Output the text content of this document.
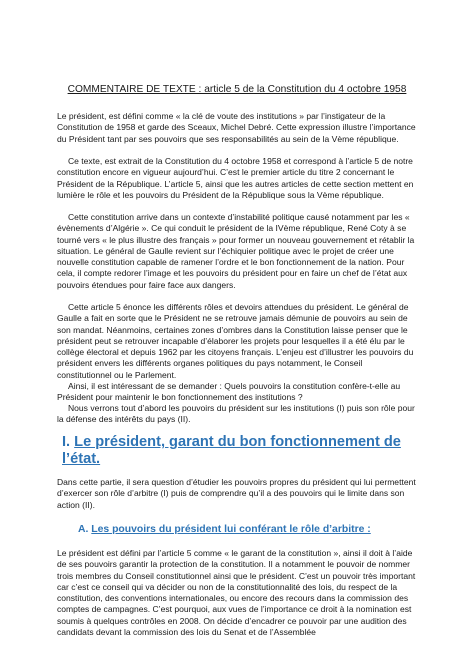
COMMENTAIRE DE TEXTE : article 5 de la Constitution du 4 octobre 1958

Le président, est défini comme « la clé de voute des institutions » par l’instigateur de la Constitution de 1958 et garde des Sceaux, Michel Debré. Cette expression illustre l’importance du Président tant par ses pouvoirs que ses responsabilités au sein de la Vème république.

Ce texte, est extrait de la Constitution du 4 octobre 1958 et correspond à l’article 5 de notre constitution encore en vigueur aujourd’hui. C’est le premier article du titre 2 concernant le Président de la République. L’article 5, ainsi que les autres articles de cette section mettent en lumière le rôle et les pouvoirs du Président de la République sous la Vème république.

Cette constitution arrive dans un contexte d’instabilité politique causé notamment par les « évènements d’Algérie ». Ce qui conduit le président de la IVème république, René Coty à se tourné vers « le plus illustre des français » pour former un nouveau gouvernement et rétablir la situation. Le général de Gaulle revient sur l’échiquier politique avec le projet de créer une nouvelle constitution capable de ramener l’ordre et le bon fonctionnement de la nation. Pour cela, il compte redorer l’image et les pouvoirs du président pour en faire un chef de l’état aux pouvoirs étendues pour faire face aux dangers.

Cette article 5 énonce les différents rôles et devoirs attendues du président. Le général de Gaulle a fait en sorte que le Président ne se retrouve jamais démunie de pouvoirs au sein de son mandat. Néanmoins, certaines zones d’ombres dans la Constitution laisse penser que le président peut se retrouver incapable d’élaborer les projets pour lesquelles il a été élu par le collège électoral et depuis 1962 par les citoyens français. L’enjeu est d’illustrer les pouvoirs du président envers les différents organes politiques du pays notamment, le Conseil constitutionnel ou le Parlement.

Ainsi, il est intéressant de se demander : Quels pouvoirs la constitution confère-t-elle au Président pour maintenir le bon fonctionnement des institutions ?

Nous verrons tout d’abord les pouvoirs du président sur les institutions (I) puis son rôle pour la défense des intérêts du pays (II).

I. Le président, garant du bon fonctionnement de l’état.

Dans cette partie, il sera question d’étudier les pouvoirs propres du président qui lui permettent d’exercer son rôle d’arbitre (I) puis de comprendre qu’il a des pouvoirs qui le limite dans son action (II).

A. Les pouvoirs du président lui conférant le rôle d’arbitre :

Le président est défini par l’article 5 comme « le garant de la constitution », ainsi il doit à l’aide de ses pouvoirs garantir la protection de la constitution. Il a notamment le pouvoir de nommer trois membres du Conseil constitutionnel ainsi que le président. C’est un pouvoir très important car c’est ce conseil qui va décider ou non de la constitutionnalité des lois, du respect de la constitution, des conventions internationales, ou encore des recours dans la commission des comptes de campagnes. C’est pourquoi, aux vues de l’importance ce droit à la nomination est soumis à quelques contrôles en 2008. On décide d’encadrer ce pouvoir par une audition des candidats devant la commission des lois du Senat et de l’Assemblée
